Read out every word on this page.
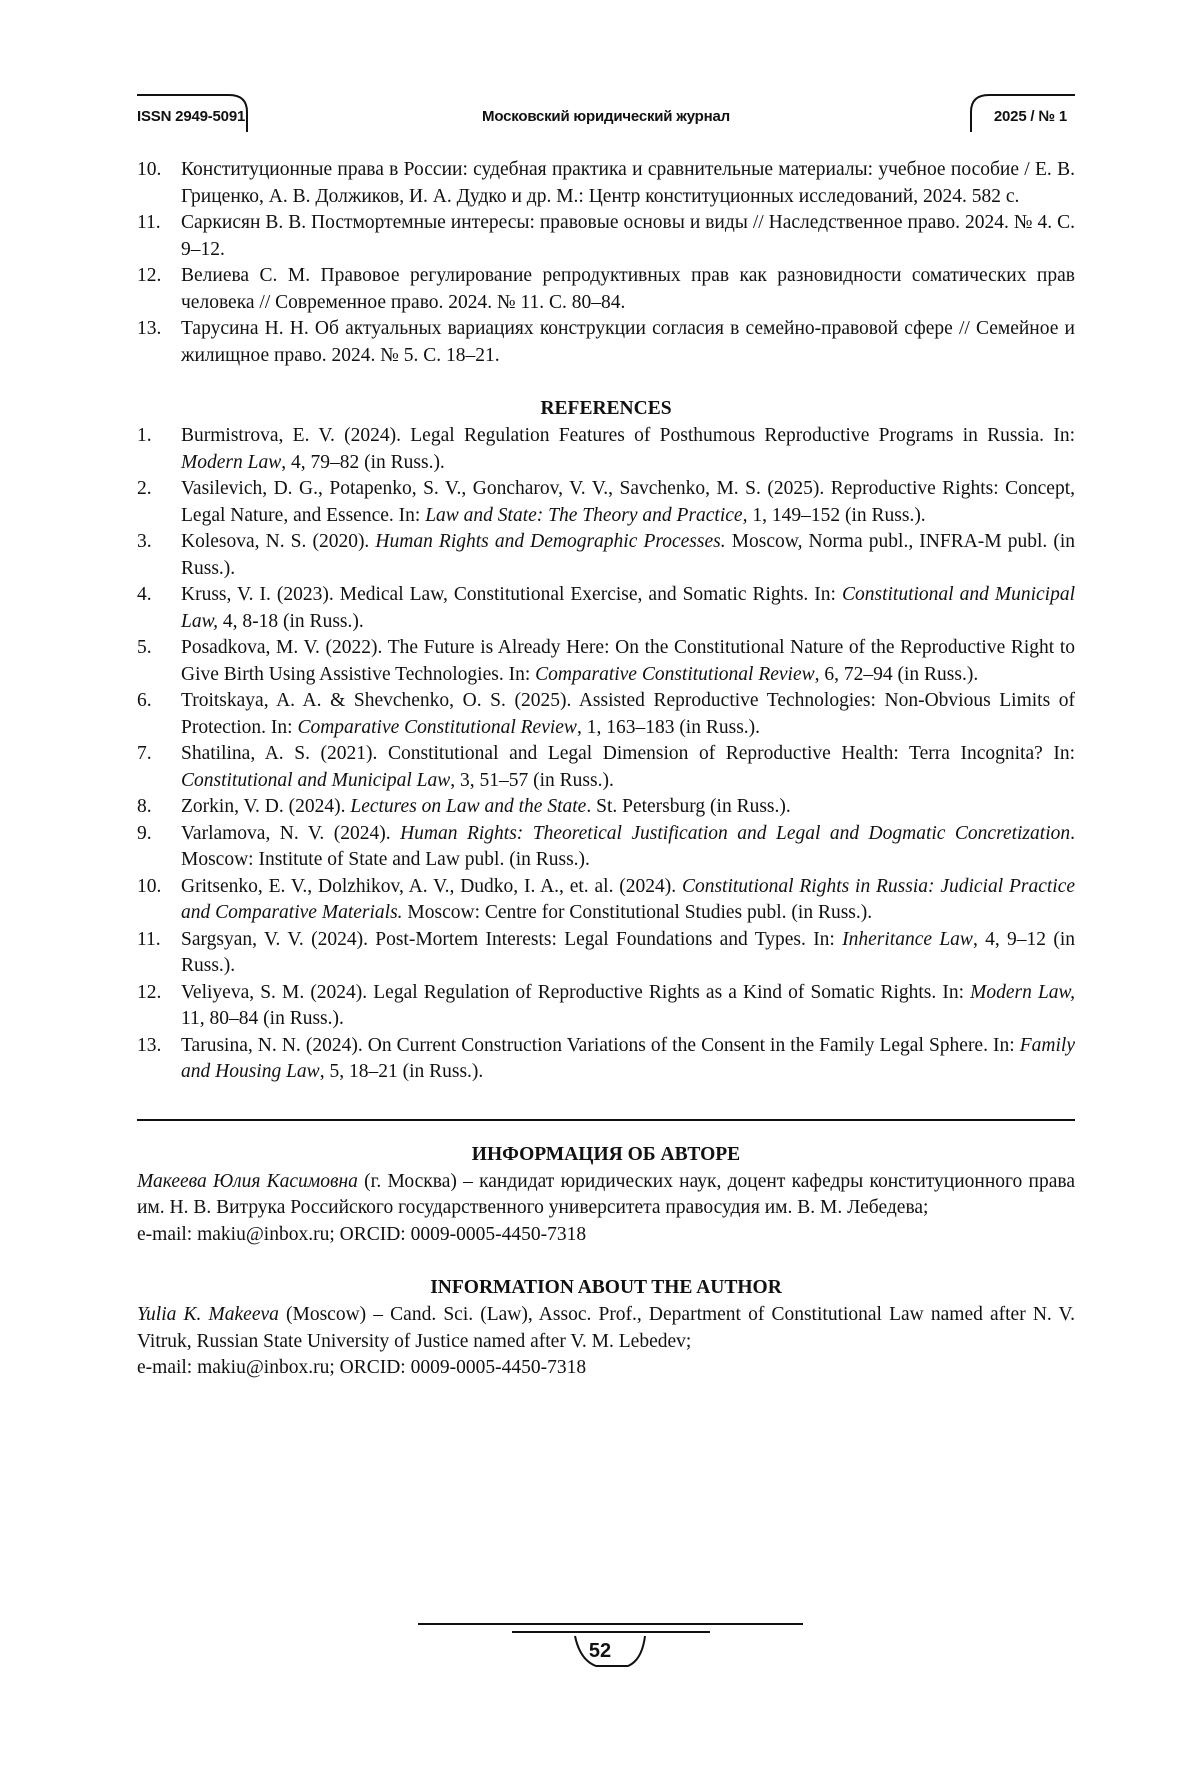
ISSN 2949-5091	Московский юридический журнал	2025 / № 1
10. Конституционные права в России: судебная практика и сравнительные материалы: учебное пособие / Е. В. Гриценко, А. В. Должиков, И. А. Дудко и др. М.: Центр конституционных исследований, 2024. 582 с.
11. Саркисян В. В. Постмортемные интересы: правовые основы и виды // Наследственное право. 2024. № 4. С. 9–12.
12. Велиева С. М. Правовое регулирование репродуктивных прав как разновидности соматических прав человека // Современное право. 2024. № 11. С. 80–84.
13. Тарусина Н. Н. Об актуальных вариациях конструкции согласия в семейно-правовой сфере // Семейное и жилищное право. 2024. № 5. С. 18–21.
REFERENCES
1. Burmistrova, E. V. (2024). Legal Regulation Features of Posthumous Reproductive Programs in Russia. In: Modern Law, 4, 79–82 (in Russ.).
2. Vasilevich, D. G., Potapenko, S. V., Goncharov, V. V., Savchenko, M. S. (2025). Reproductive Rights: Concept, Legal Nature, and Essence. In: Law and State: The Theory and Practice, 1, 149–152 (in Russ.).
3. Kolesova, N. S. (2020). Human Rights and Demographic Processes. Moscow, Norma publ., INFRA-M publ. (in Russ.).
4. Kruss, V. I. (2023). Medical Law, Constitutional Exercise, and Somatic Rights. In: Constitutional and Municipal Law, 4, 8-18 (in Russ.).
5. Posadkova, M. V. (2022). The Future is Already Here: On the Constitutional Nature of the Reproductive Right to Give Birth Using Assistive Technologies. In: Comparative Constitutional Review, 6, 72–94 (in Russ.).
6. Troitskaya, A. A. & Shevchenko, O. S. (2025). Assisted Reproductive Technologies: Non-Obvious Limits of Protection. In: Comparative Constitutional Review, 1, 163–183 (in Russ.).
7. Shatilina, A. S. (2021). Constitutional and Legal Dimension of Reproductive Health: Terra Incognita? In: Constitutional and Municipal Law, 3, 51–57 (in Russ.).
8. Zorkin, V. D. (2024). Lectures on Law and the State. St. Petersburg (in Russ.).
9. Varlamova, N. V. (2024). Human Rights: Theoretical Justification and Legal and Dogmatic Concretization. Moscow: Institute of State and Law publ. (in Russ.).
10. Gritsenko, E. V., Dolzhikov, A. V., Dudko, I. A., et. al. (2024). Constitutional Rights in Russia: Judicial Practice and Comparative Materials. Moscow: Centre for Constitutional Studies publ. (in Russ.).
11. Sargsyan, V. V. (2024). Post-Mortem Interests: Legal Foundations and Types. In: Inheritance Law, 4, 9–12 (in Russ.).
12. Veliyeva, S. M. (2024). Legal Regulation of Reproductive Rights as a Kind of Somatic Rights. In: Modern Law, 11, 80–84 (in Russ.).
13. Tarusina, N. N. (2024). On Current Construction Variations of the Consent in the Family Legal Sphere. In: Family and Housing Law, 5, 18–21 (in Russ.).
ИНФОРМАЦИЯ ОБ АВТОРЕ
Макеева Юлия Касимовна (г. Москва) – кандидат юридических наук, доцент кафедры конституционного права им. Н. В. Витрука Российского государственного университета правосудия им. В. М. Лебедева;
e-mail: makiu@inbox.ru; ORCID: 0009-0005-4450-7318
INFORMATION ABOUT THE AUTHOR
Yulia K. Makeeva (Moscow) – Cand. Sci. (Law), Assoc. Prof., Department of Constitutional Law named after N. V. Vitruk, Russian State University of Justice named after V. M. Lebedev;
e-mail: makiu@inbox.ru; ORCID: 0009-0005-4450-7318
52
